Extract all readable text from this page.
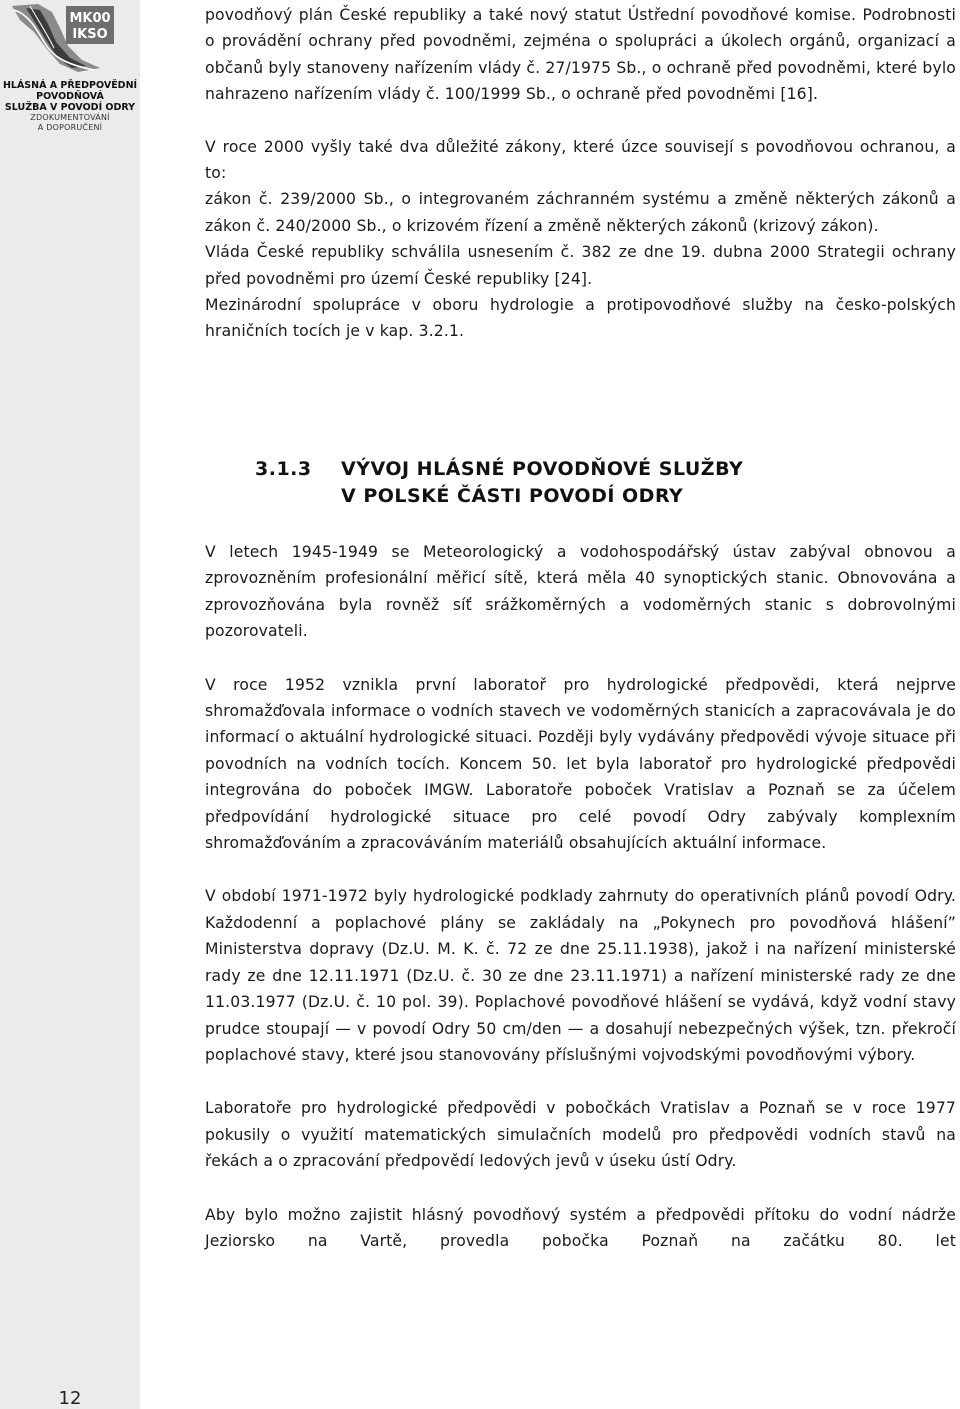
MK00
IKSO
HLÁSNÁ A PŘEDPOVĚDNÍ
POVODŇOVÁ
SLUŽBA V POVODÍ ODRY
ZDOKUMENTOVÁNÍ
A DOPORUČENÍ
12

povodňový plán České republiky a také nový statut Ústřední povodňové komise. Podrobnosti o provádění ochrany před povodněmi, zejména o spolupráci a úkolech orgánů, organizací a občanů byly stanoveny nařízením vlády č. 27/1975 Sb., o ochraně před povodněmi, které bylo nahrazeno nařízením vlády č. 100/1999 Sb., o ochraně před povodněmi [16].

V roce 2000 vyšly také dva důležité zákony, které úzce souvisejí s povodňovou ochranou, a to:

zákon č. 239/2000 Sb., o integrovaném záchranném systému a změně některých zákonů a zákon č. 240/2000 Sb., o krizovém řízení a změně některých zákonů (krizový zákon).

Vláda České republiky schválila usnesením č. 382 ze dne 19. dubna 2000 Strategii ochrany před povodněmi pro území České republiky [24].

Mezinárodní spolupráce v oboru hydrologie a protipovodňové služby na česko-polských hraničních tocích je v kap. 3.2.1.

3.1.3 VÝVOJ HLÁSNÉ POVODŇOVÉ SLUŽBY
V POLSKÉ ČÁSTI POVODÍ ODRY

V letech 1945-1949 se Meteorologický a vodohospodářský ústav zabýval obnovou a zprovozněním profesionální měřicí sítě, která měla 40 synoptických stanic. Obnovována a zprovozňována byla rovněž síť srážkoměrných a vodoměrných stanic s dobrovolnými pozorovateli.

V roce 1952 vznikla první laboratoř pro hydrologické předpovědi, která nejprve shromažďovala informace o vodních stavech ve vodoměrných stanicích a zapracovávala je do informací o aktuální hydrologické situaci. Později byly vydávány předpovědi vývoje situace při povodních na vodních tocích. Koncem 50. let byla laboratoř pro hydrologické předpovědi integrována do poboček IMGW. Laboratoře poboček Vratislav a Poznaň se za účelem předpovídání hydrologické situace pro celé povodí Odry zabývaly komplexním shromažďováním a zpracováváním materiálů obsahujících aktuální informace.

V období 1971-1972 byly hydrologické podklady zahrnuty do operativních plánů povodí Odry. Každodenní a poplachové plány se zakládaly na „Pokynech pro povodňová hlášení” Ministerstva dopravy (Dz.U. M. K. č. 72 ze dne 25.11.1938), jakož i na nařízení ministerské rady ze dne 12.11.1971 (Dz.U. č. 30 ze dne 23.11.1971) a nařízení ministerské rady ze dne 11.03.1977 (Dz.U. č. 10 pol. 39). Poplachové povodňové hlášení se vydává, když vodní stavy prudce stoupají — v povodí Odry 50 cm/den — a dosahují nebezpečných výšek, tzn. překročí poplachové stavy, které jsou stanovovány příslušnými vojvodskými povodňovými výbory.

Laboratoře pro hydrologické předpovědi v pobočkách Vratislav a Poznaň se v roce 1977 pokusily o využití matematických simulačních modelů pro předpovědi vodních stavů na řekách a o zpracování předpovědí ledových jevů v úseku ústí Odry.

Aby bylo možno zajistit hlásný povodňový systém a předpovědi přítoku do vodní nádrže Jeziorsko na Vartě, provedla pobočka Poznaň na začátku 80. let
